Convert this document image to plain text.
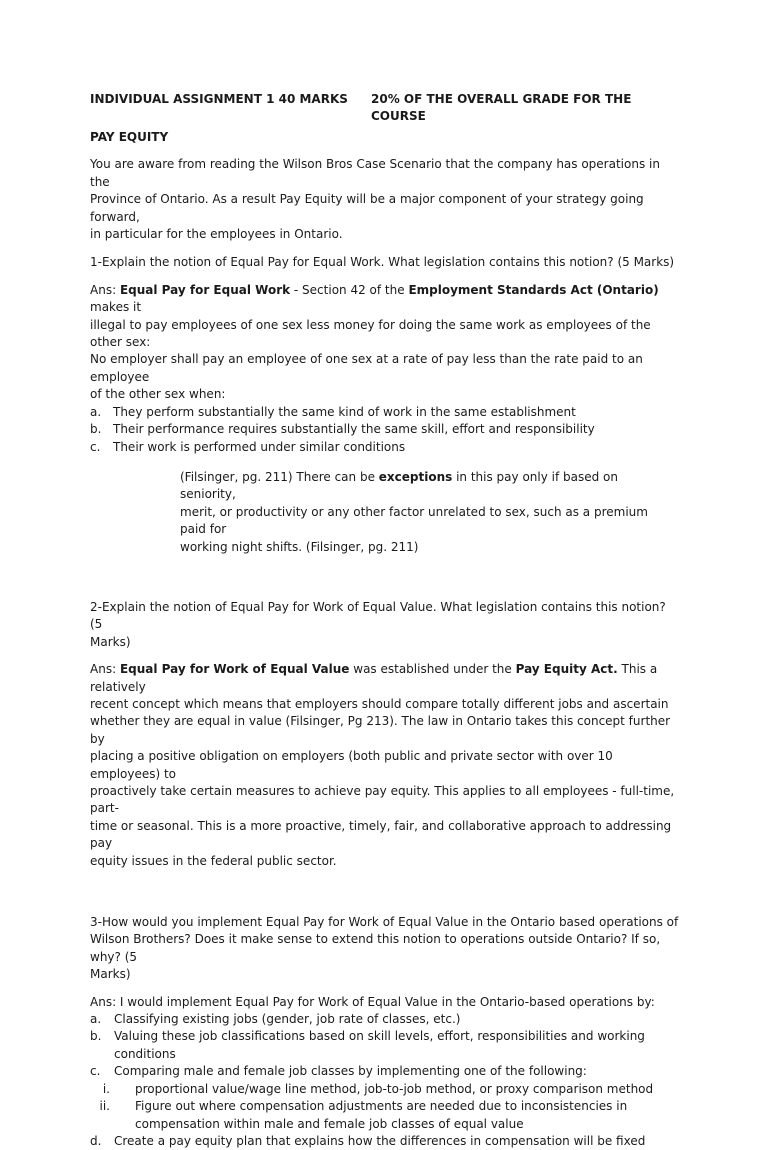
INDIVIDUAL ASSIGNMENT 1 40 MARKS 20% OF THE OVERALL GRADE FOR THE COURSE
PAY EQUITY

You are aware from reading the Wilson Bros Case Scenario that the company has operations in the

Province of Ontario. As a result Pay Equity will be a major component of your strategy going forward,

in particular for the employees in Ontario.

1-Explain the notion of Equal Pay for Equal Work. What legislation contains this notion? (5 Marks)

Ans: Equal Pay for Equal Work - Section 42 of the Employment Standards Act (Ontario) makes it

illegal to pay employees of one sex less money for doing the same work as employees of the other sex:

No employer shall pay an employee of one sex at a rate of pay less than the rate paid to an employee

of the other sex when:

a. They perform substantially the same kind of work in the same establishment
b. Their performance requires substantially the same skill, effort and responsibility
c.	Their work is performed under similar conditions

(Filsinger, pg. 211) There can be exceptions in this pay only if based on seniority,

merit, or productivity or any other factor unrelated to sex, such as a premium paid for

working night shifts. (Filsinger, pg. 211)

2-Explain the notion of Equal Pay for Work of Equal Value. What legislation contains this notion? (5

Marks)

Ans: Equal Pay for Work of Equal Value was established under the Pay Equity Act. This a relatively

recent concept which means that employers should compare totally different jobs and ascertain

whether they are equal in value (Filsinger, Pg 213). The law in Ontario takes this concept further by

placing a positive obligation on employers (both public and private sector with over 10 employees) to

proactively take certain measures to achieve pay equity. This applies to all employees - full-time, part-

time or seasonal. This is a more proactive, timely, fair, and collaborative approach to addressing pay

equity issues in the federal public sector.

3-How would you implement Equal Pay for Work of Equal Value in the Ontario based operations of

Wilson Brothers? Does it make sense to extend this notion to operations outside Ontario? If so, why? (5

Marks)

Ans: I would implement Equal Pay for Work of Equal Value in the Ontario-based operations by:

a.	Classifying existing jobs (gender, job rate of classes, etc.)
b.	Valuing these job classifications based on skill levels, effort, responsibilities and working
conditions
c.	Comparing male and female job classes by implementing one of the following:
i.	proportional value/wage line method, job-to-job method, or proxy comparison method
ii.	Figure out where compensation adjustments are needed due to inconsistencies in
compensation within male and female job classes of equal value
d.	Create a pay equity plan that explains how the differences in compensation will be fixed
